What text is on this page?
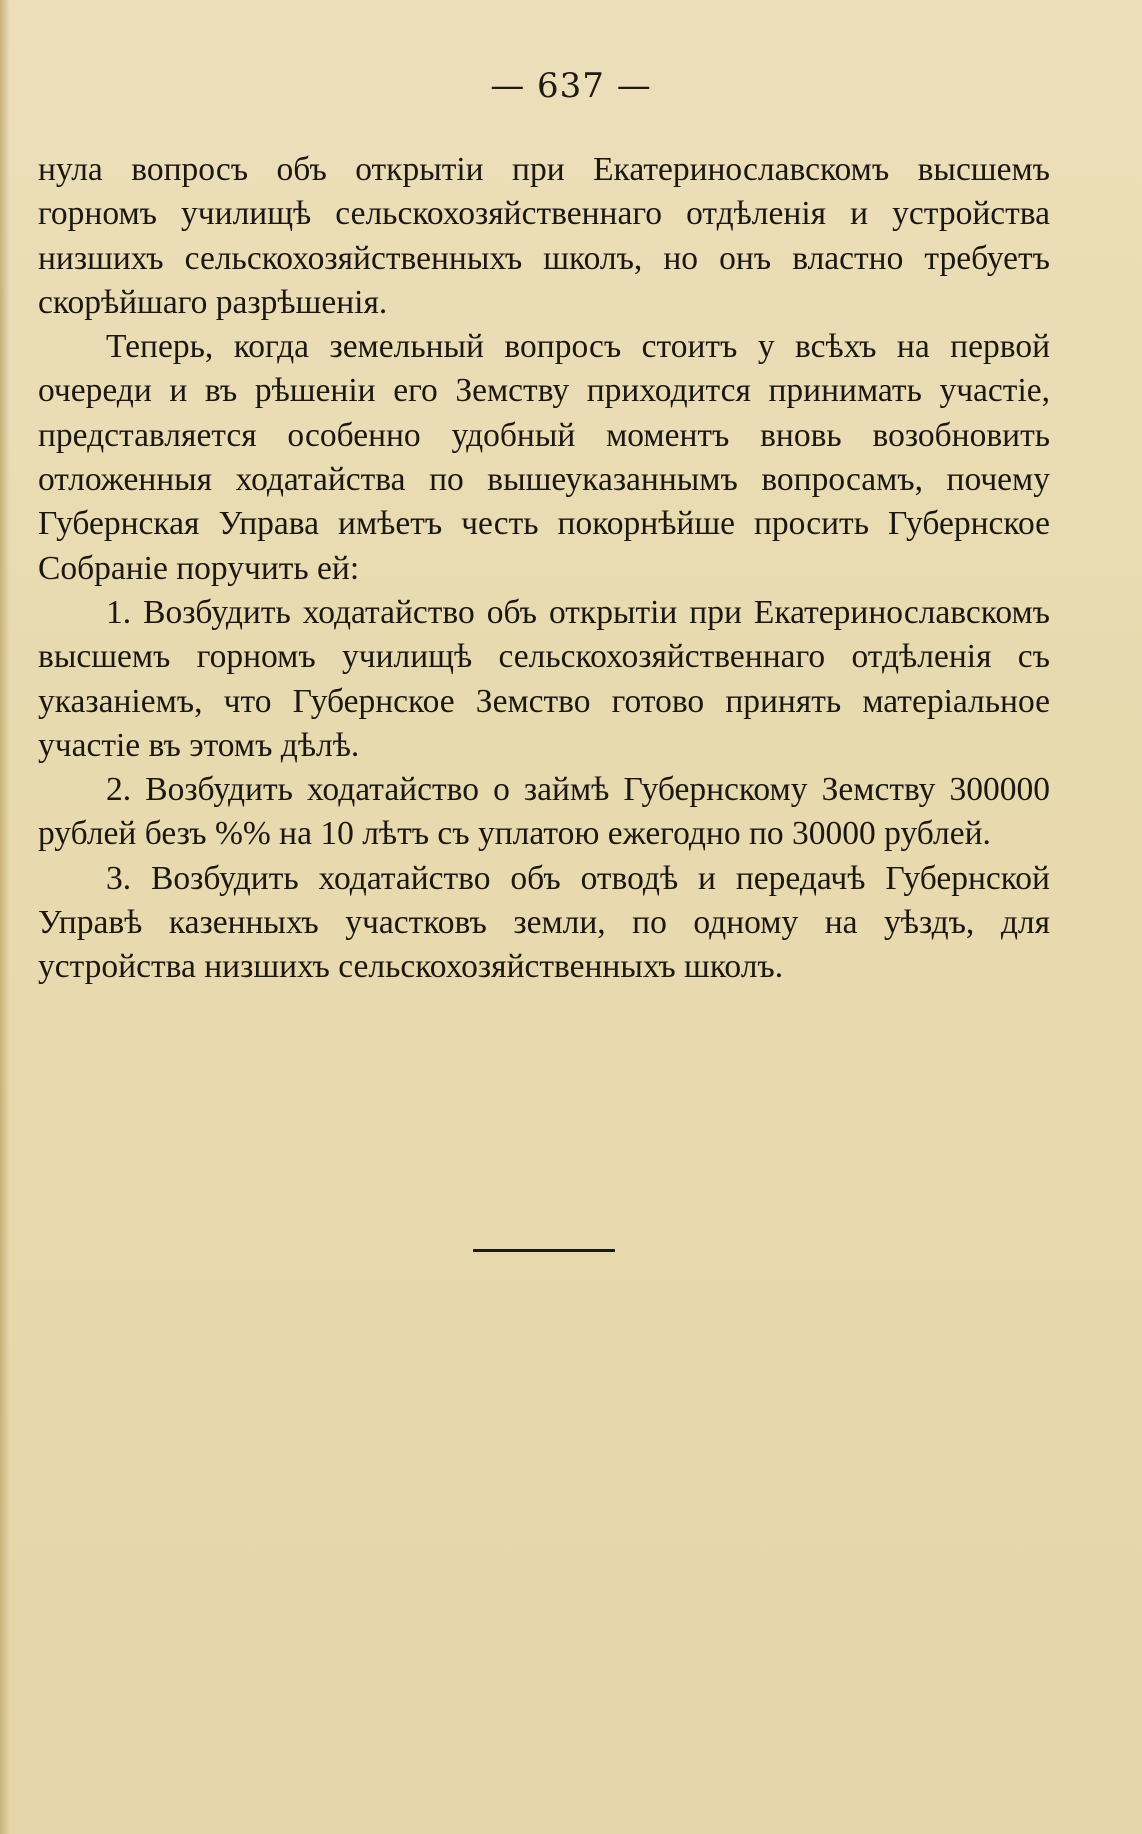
— 637 —

нула вопросъ объ открытіи при Екатеринославскомъ высшемъ горномъ училищѣ сельскохозяйственнаго отдѣленія и устройства низшихъ сельскохозяйственныхъ школъ, но онъ властно требуетъ скорѣйшаго разрѣшенія.

Теперь, когда земельный вопросъ стоитъ у всѣхъ на первой очереди и въ рѣшеніи его Земству приходится принимать участіе, представляется особенно удобный моментъ вновь возобновить отложенныя ходатайства по вышеуказаннымъ вопросамъ, почему Губернская Управа имѣетъ честь покорнѣйше просить Губернское Собраніе поручить ей:

1. Возбудить ходатайство объ открытіи при Екатеринославскомъ высшемъ горномъ училищѣ сельскохозяйственнаго отдѣленія съ указаніемъ, что Губернское Земство готово принять матеріальное участіе въ этомъ дѣлѣ.

2. Возбудить ходатайство о займѣ Губернскому Земству 300000 рублей безъ %% на 10 лѣтъ съ уплатою ежегодно по 30000 рублей.

3. Возбудить ходатайство объ отводѣ и передачѣ Губернской Управѣ казенныхъ участковъ земли, по одному на уѣздъ, для устройства низшихъ сельскохозяйственныхъ школъ.
